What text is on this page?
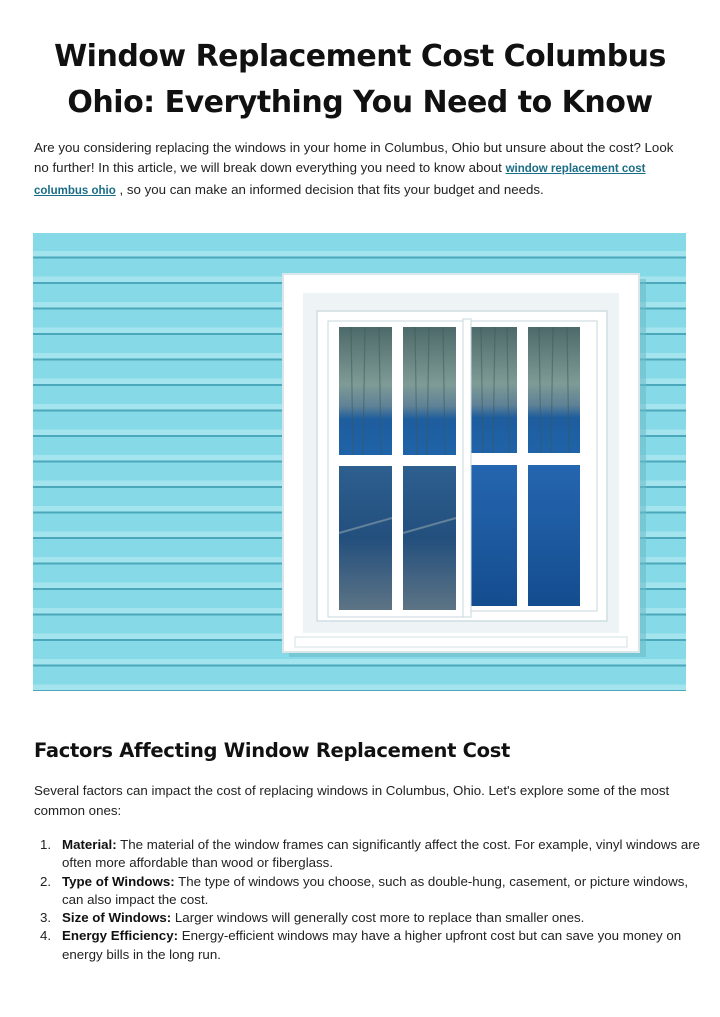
Window Replacement Cost Columbus Ohio: Everything You Need to Know

Are you considering replacing the windows in your home in Columbus, Ohio but unsure about the cost? Look no further! In this article, we will break down everything you need to know about window replacement cost columbus ohio , so you can make an informed decision that fits your budget and needs.

Factors Affecting Window Replacement Cost

Several factors can impact the cost of replacing windows in Columbus, Ohio. Let's explore some of the most common ones:

1. Material: The material of the window frames can significantly affect the cost. For example, vinyl windows are often more affordable than wood or fiberglass.
2. Type of Windows: The type of windows you choose, such as double-hung, casement, or picture windows, can also impact the cost.
3. Size of Windows: Larger windows will generally cost more to replace than smaller ones.
4. Energy Efficiency: Energy-efficient windows may have a higher upfront cost but can save you money on energy bills in the long run.
